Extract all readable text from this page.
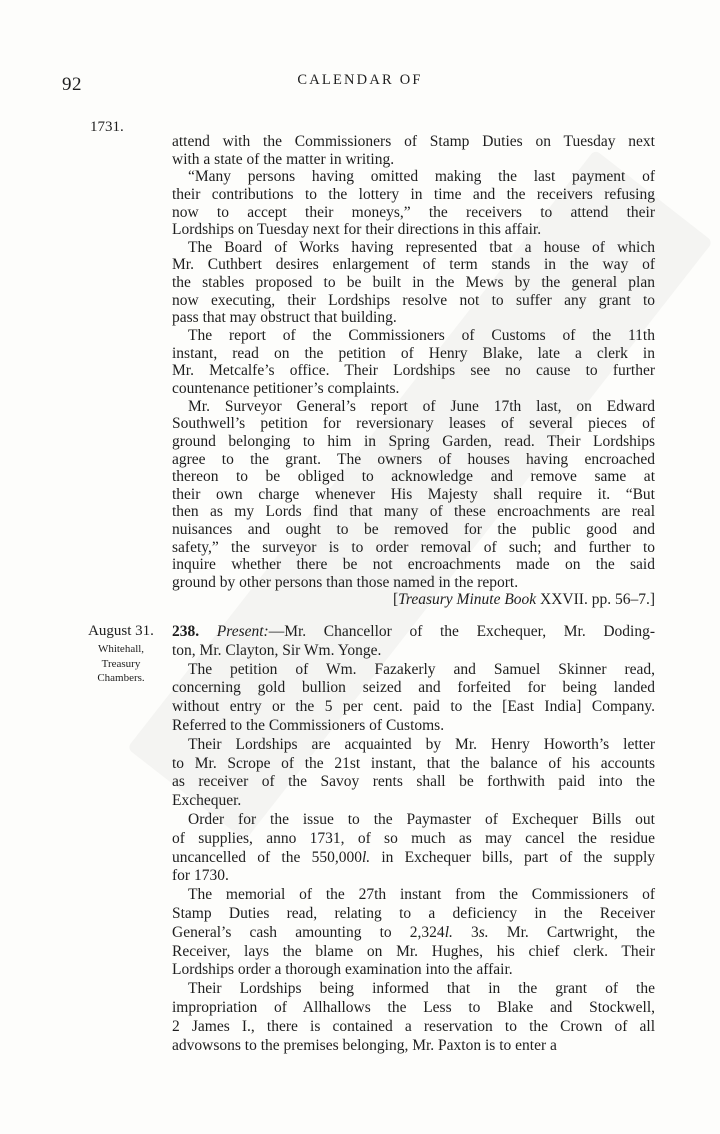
92	CALENDAR OF
1731.
attend with the Commissioners of Stamp Duties on Tuesday next
with a state of the matter in writing.
“Many persons having omitted making the last payment of
their contributions to the lottery in time and the receivers refusing
now to accept their moneys,” the receivers to attend their
Lordships on Tuesday next for their directions in this affair.
The Board of Works having represented tbat a house of which
Mr. Cuthbert desires enlargement of term stands in the way of
the stables proposed to be built in the Mews by the general plan
now executing, their Lordships resolve not to suffer any grant to
pass that may obstruct that building.
The report of the Commissioners of Customs of the 11th
instant, read on the petition of Henry Blake, late a clerk in
Mr. Metcalfe’s office. Their Lordships see no cause to further
countenance petitioner’s complaints.
Mr. Surveyor General’s report of June 17th last, on Edward
Southwell’s petition for reversionary leases of several pieces of
ground belonging to him in Spring Garden, read. Their Lordships
agree to the grant. The owners of houses having encroached
thereon to be obliged to acknowledge and remove same at
their own charge whenever His Majesty shall require it. “But
then as my Lords find that many of these encroachments are real
nuisances and ought to be removed for the public good and
safety,” the surveyor is to order removal of such; and further to
inquire whether there be not encroachments made on the said
ground by other persons than those named in the report.
[Treasury Minute Book XXVII. pp. 56–7.]
August 31.
Whitehall,
Treasury
Chambers.
238. Present:—Mr. Chancellor of the Exchequer, Mr. Doding-
ton, Mr. Clayton, Sir Wm. Yonge.
The petition of Wm. Fazakerly and Samuel Skinner read,
concerning gold bullion seized and forfeited for being landed
without entry or the 5 per cent. paid to the [East India] Company.
Referred to the Commissioners of Customs.
Their Lordships are acquainted by Mr. Henry Howorth’s letter
to Mr. Scrope of the 21st instant, that the balance of his accounts
as receiver of the Savoy rents shall be forthwith paid into the
Exchequer.
Order for the issue to the Paymaster of Exchequer Bills out
of supplies, anno 1731, of so much as may cancel the residue
uncancelled of the 550,000l. in Exchequer bills, part of the supply
for 1730.
The memorial of the 27th instant from the Commissioners of
Stamp Duties read, relating to a deficiency in the Receiver
General’s cash amounting to 2,324l. 3s. Mr. Cartwright, the
Receiver, lays the blame on Mr. Hughes, his chief clerk. Their
Lordships order a thorough examination into the affair.
Their Lordships being informed that in the grant of the
impropriation of Allhallows the Less to Blake and Stockwell,
2 James I., there is contained a reservation to the Crown of all
advowsons to the premises belonging, Mr. Paxton is to enter a
